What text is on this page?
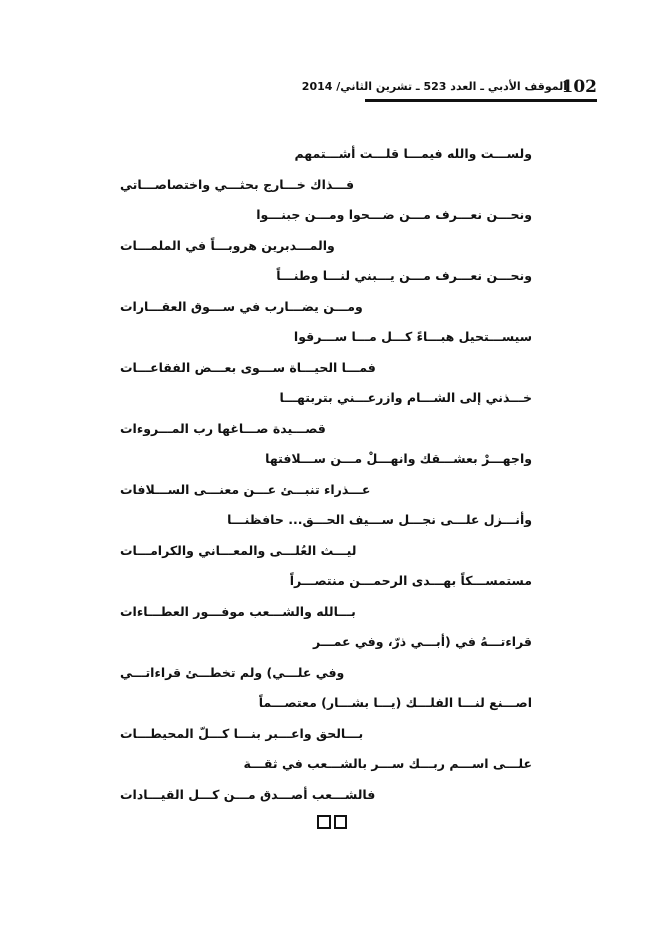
102
الموقف الأدبي ـ العدد 523 ـ تشرين الثاني/ 2014
ولســـت والله فيمـــا قلـــت أشـــتمهم
فـــذاك خـــارج بحثـــي واختصاصـــاتي
ونحـــن نعـــرف مـــن ضـــحوا ومـــن جبنـــوا
والمـــدبرين هروبـــاً في الملمـــات
ونحـــن نعـــرف مـــن يـــبني لنـــا وطنـــاً
ومـــن يضـــارب في ســـوق العقـــارات
سيســـتحيل هبـــاءً كـــل مـــا ســـرقوا
فمـــا الحيـــاة ســـوى بعـــض الفقاعـــات
خـــذني إلى الشـــام وازرعـــني بتربتهـــا
قصـــيدة صـــاغها رب المـــروءات
واجهـــرْ بعشـــقك وانهـــلْ مـــن ســـلافتها
عـــذراء تنبـــئ عـــن معنـــى الســـلافات
وأنـــزل علـــى نجـــل ســـيف الحـــق... حافظنـــا
ليـــث العُلـــى والمعـــاني والكرامـــات
مستمســـكاً بهـــدى الرحمـــن منتصـــراً
بـــالله والشـــعب موفـــور العطـــاءات
قراءتـــهُ في (أبـــي ذرّ، وفي عمـــر
وفي علـــي) ولم تخطـــئ قراءاتـــي
اصـــنع لنـــا الفلـــك (يـــا بشـــار) معتصـــماً
بـــالحق واعـــبر بنـــا كـــلّ المحيطـــات
علـــى اســـم ربـــك ســـر بالشـــعب في ثقـــة
فالشـــعب أصـــدق مـــن كـــل القيـــادات
